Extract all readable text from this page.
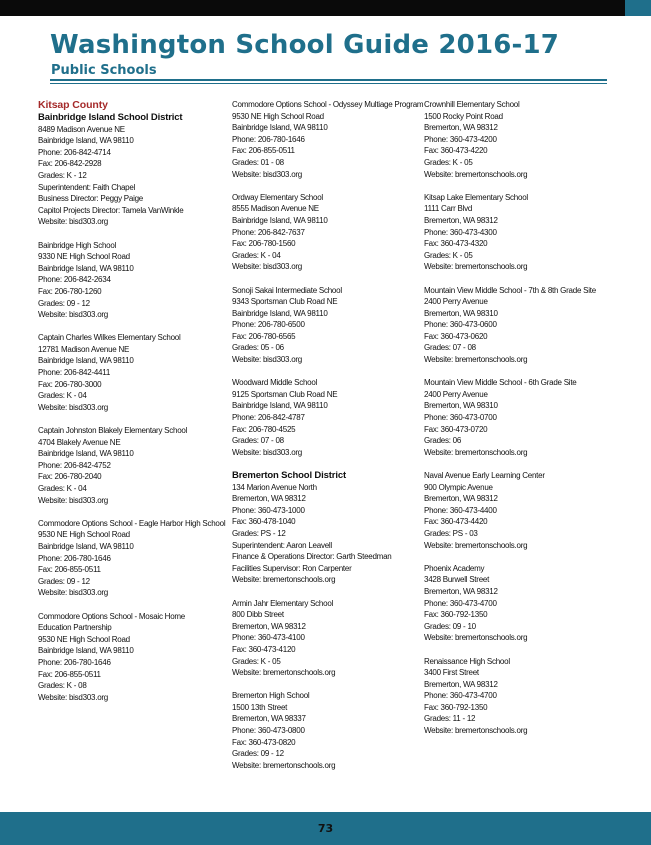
Washington School Guide 2016-17
Public Schools
Kitsap County
Bainbridge Island School District
8489 Madison Avenue NE
Bainbridge Island, WA 98110
Phone: 206-842-4714
Fax: 206-842-2928
Grades: K - 12
Superintendent: Faith Chapel
Business Director: Peggy Paige
Capitol Projects Director: Tamela VanWinkle
Website: bisd303.org
Bainbridge High School
9330 NE High School Road
Bainbridge Island, WA 98110
Phone: 206-842-2634
Fax: 206-780-1260
Grades: 09 - 12
Website: bisd303.org
Captain Charles Wilkes Elementary School
12781 Madison Avenue NE
Bainbridge Island, WA 98110
Phone: 206-842-4411
Fax: 206-780-3000
Grades: K - 04
Website: bisd303.org
Captain Johnston Blakely Elementary School
4704 Blakely Avenue NE
Bainbridge Island, WA 98110
Phone: 206-842-4752
Fax: 206-780-2040
Grades: K - 04
Website: bisd303.org
Commodore Options School - Eagle Harbor High School
9530 NE High School Road
Bainbridge Island, WA 98110
Phone: 206-780-1646
Fax: 206-855-0511
Grades: 09 - 12
Website: bisd303.org
Commodore Options School - Mosaic Home
Education Partnership
9530 NE High School Road
Bainbridge Island, WA 98110
Phone: 206-780-1646
Fax: 206-855-0511
Grades: K - 08
Website: bisd303.org
Commodore Options School - Odyssey Multiage Program
9530 NE High School Road
Bainbridge Island, WA 98110
Phone: 206-780-1646
Fax: 206-855-0511
Grades: 01 - 08
Website: bisd303.org
Ordway Elementary School
8555 Madison Avenue NE
Bainbridge Island, WA 98110
Phone: 206-842-7637
Fax: 206-780-1560
Grades: K - 04
Website: bisd303.org
Sonoji Sakai Intermediate School
9343 Sportsman Club Road NE
Bainbridge Island, WA 98110
Phone: 206-780-6500
Fax: 206-780-6565
Grades: 05 - 06
Website: bisd303.org
Woodward Middle School
9125 Sportsman Club Road NE
Bainbridge Island, WA 98110
Phone: 206-842-4787
Fax: 206-780-4525
Grades: 07 - 08
Website: bisd303.org
Bremerton School District
134 Marion Avenue North
Bremerton, WA 98312
Phone: 360-473-1000
Fax: 360-478-1040
Grades: PS - 12
Superintendent: Aaron Leavell
Finance & Operations Director: Garth Steedman
Facilities Supervisor: Ron Carpenter
Website: bremertonschools.org
Armin Jahr Elementary School
800 Dibb Street
Bremerton, WA 98312
Phone: 360-473-4100
Fax: 360-473-4120
Grades: K - 05
Website: bremertonschools.org
Bremerton High School
1500 13th Street
Bremerton, WA 98337
Phone: 360-473-0800
Fax: 360-473-0820
Grades: 09 - 12
Website: bremertonschools.org
Crownhill Elementary School
1500 Rocky Point Road
Bremerton, WA 98312
Phone: 360-473-4200
Fax: 360-473-4220
Grades: K - 05
Website: bremertonschools.org
Kitsap Lake Elementary School
1111 Carr Blvd
Bremerton, WA 98312
Phone: 360-473-4300
Fax: 360-473-4320
Grades: K - 05
Website: bremertonschools.org
Mountain View Middle School - 7th & 8th Grade Site
2400 Perry Avenue
Bremerton, WA 98310
Phone: 360-473-0600
Fax: 360-473-0620
Grades: 07 - 08
Website: bremertonschools.org
Mountain View Middle School - 6th Grade Site
2400 Perry Avenue
Bremerton, WA 98310
Phone: 360-473-0700
Fax: 360-473-0720
Grades: 06
Website: bremertonschools.org
Naval Avenue Early Learning Center
900 Olympic Avenue
Bremerton, WA 98312
Phone: 360-473-4400
Fax: 360-473-4420
Grades: PS - 03
Website: bremertonschools.org
Phoenix Academy
3428 Burwell Street
Bremerton, WA 98312
Phone: 360-473-4700
Fax: 360-792-1350
Grades: 09 - 10
Website: bremertonschools.org
Renaissance High School
3400 First Street
Bremerton, WA 98312
Phone: 360-473-4700
Fax: 360-792-1350
Grades: 11 - 12
Website: bremertonschools.org
73
